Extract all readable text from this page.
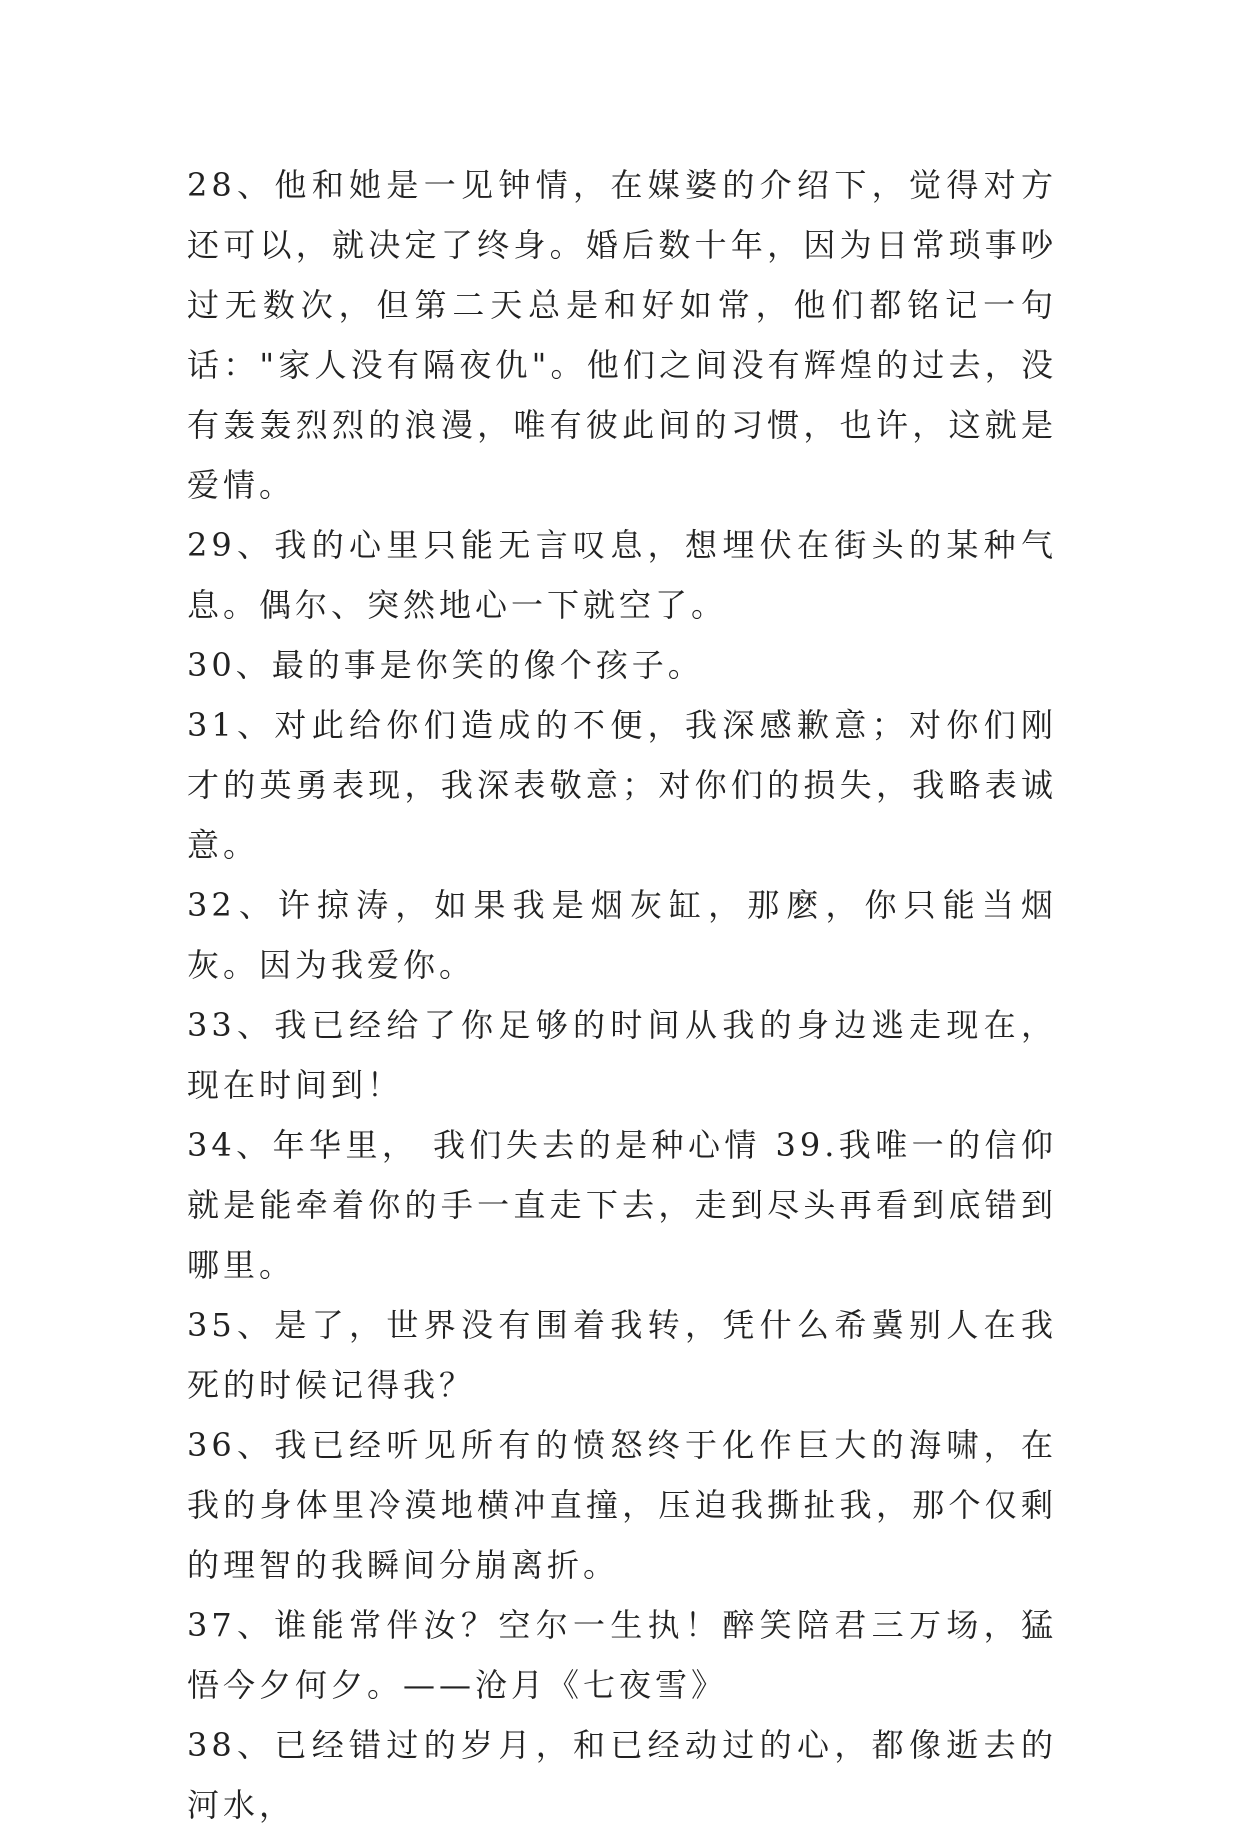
28、他和她是一见钟情，在媒婆的介绍下，觉得对方还可以，就决定了终身。婚后数十年，因为日常琐事吵过无数次，但第二天总是和好如常，他们都铭记一句话："家人没有隔夜仇"。他们之间没有辉煌的过去，没有轰轰烈烈的浪漫，唯有彼此间的习惯，也许，这就是爱情。

29、我的心里只能无言叹息，想埋伏在街头的某种气息。偶尔、突然地心一下就空了。

30、最的事是你笑的像个孩子。

31、对此给你们造成的不便，我深感歉意；对你们刚才的英勇表现，我深表敬意；对你们的损失，我略表诚意。

32、许掠涛，如果我是烟灰缸，那麽，你只能当烟灰。因为我爱你。

33、我已经给了你足够的时间从我的身边逃走现在，现在时间到！

34、年华里， 我们失去的是种心情 39.我唯一的信仰就是能牵着你的手一直走下去，走到尽头再看到底错到哪里。

35、是了，世界没有围着我转，凭什么希冀别人在我死的时候记得我？

36、我已经听见所有的愤怒终于化作巨大的海啸，在我的身体里冷漠地横冲直撞，压迫我撕扯我，那个仅剩的理智的我瞬间分崩离折。

37、谁能常伴汝？空尔一生执！醉笑陪君三万场，猛悟今夕何夕。——沧月《七夜雪》

38、已经错过的岁月，和已经动过的心，都像逝去的河水，
